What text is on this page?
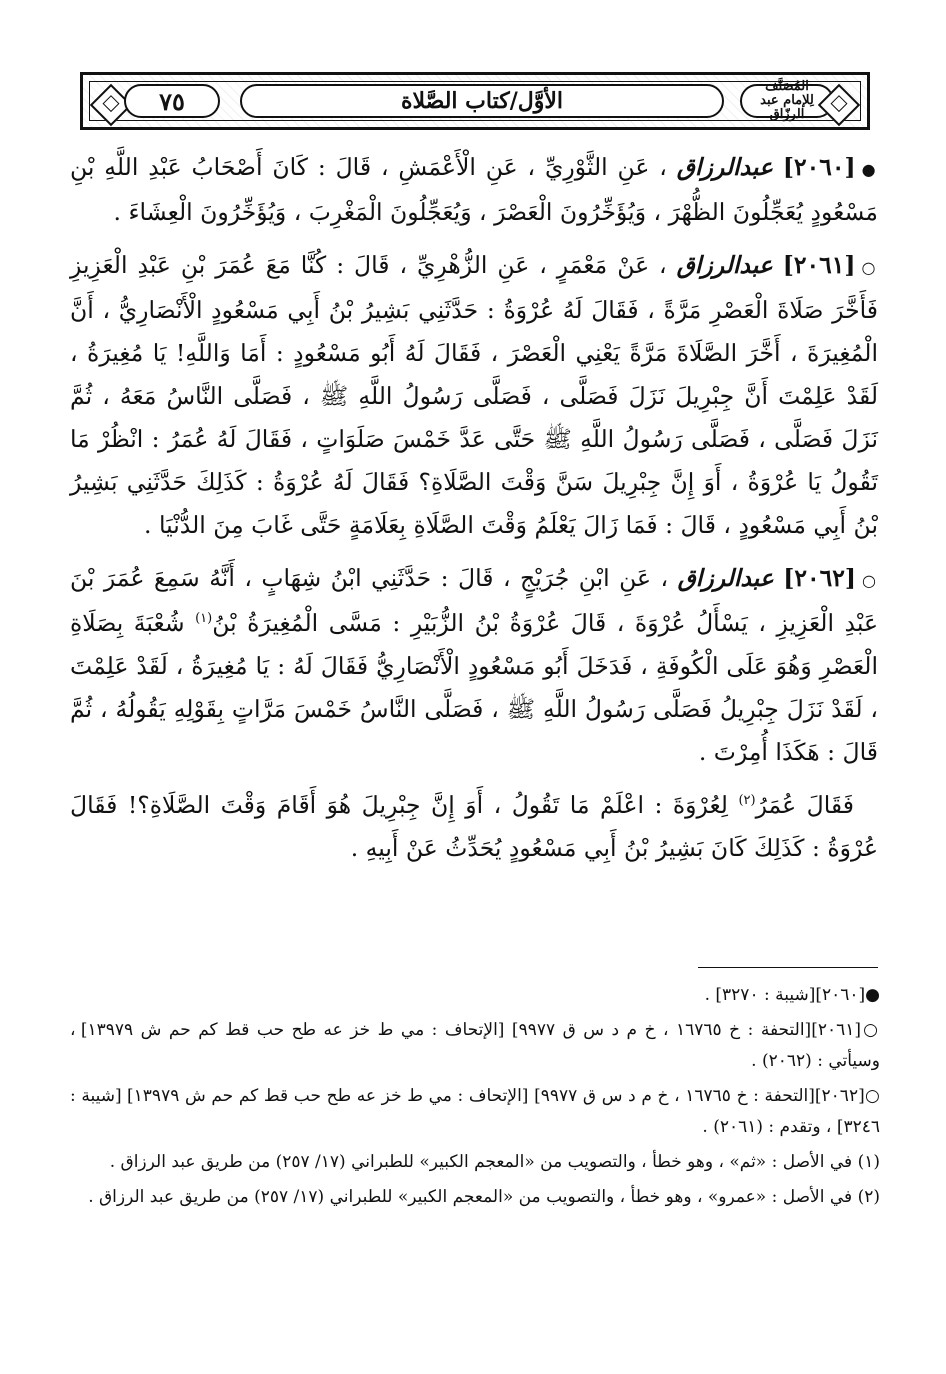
٧٥	الأوَّل/كتاب الصَّلاة
المُصَنَّف
لِلإمام عبد الرزّاق

●[٢٠٦٠] عبدالرزاق ، عَنِ الثَّوْرِيِّ ، عَنِ الْأَعْمَشِ ، قَالَ : كَانَ أَصْحَابُ عَبْدِ اللَّهِ بْنِ مَسْعُودٍ يُعَجِّلُونَ الظُّهْرَ ، وَيُؤَخِّرُونَ الْعَصْرَ ، وَيُعَجِّلُونَ الْمَغْرِبَ ، وَيُؤَخِّرُونَ الْعِشَاءَ .

○[٢٠٦١] عبدالرزاق ، عَنْ مَعْمَرٍ ، عَنِ الزُّهْرِيِّ ، قَالَ : كُنَّا مَعَ عُمَرَ بْنِ عَبْدِ الْعَزِيزِ فَأَخَّرَ صَلَاةَ الْعَصْرِ مَرَّةً ، فَقَالَ لَهُ عُرْوَةُ : حَدَّثَنِي بَشِيرُ بْنُ أَبِي مَسْعُودٍ الْأَنْصَارِيُّ ، أَنَّ الْمُغِيرَةَ ، أَخَّرَ الصَّلَاةَ مَرَّةً يَعْنِي الْعَصْرَ ، فَقَالَ لَهُ أَبُو مَسْعُودٍ : أَمَا وَاللَّهِ! يَا مُغِيرَةُ ، لَقَدْ عَلِمْتَ أَنَّ جِبْرِيلَ نَزَلَ فَصَلَّى ، فَصَلَّى رَسُولُ اللَّهِ ﷺ ، فَصَلَّى النَّاسُ مَعَهُ ، ثُمَّ نَزَلَ فَصَلَّى ، فَصَلَّى رَسُولُ اللَّهِ ﷺ حَتَّى عَدَّ خَمْسَ صَلَوَاتٍ ، فَقَالَ لَهُ عُمَرُ : انْظُرْ مَا تَقُولُ يَا عُرْوَةُ ، أَوَ إِنَّ جِبْرِيلَ سَنَّ وَقْتَ الصَّلَاةِ؟ فَقَالَ لَهُ عُرْوَةُ : كَذَلِكَ حَدَّثَنِي بَشِيرُ بْنُ أَبِي مَسْعُودٍ ، قَالَ : فَمَا زَالَ يَعْلَمُ وَقْتَ الصَّلَاةِ بِعَلَامَةٍ حَتَّى غَابَ مِنَ الدُّنْيَا .

○[٢٠٦٢] عبدالرزاق ، عَنِ ابْنِ جُرَيْجٍ ، قَالَ : حَدَّثَنِي ابْنُ شِهَابٍ ، أَنَّهُ سَمِعَ عُمَرَ بْنَ عَبْدِ الْعَزِيزِ ، يَسْأَلُ عُرْوَةَ ، قَالَ عُرْوَةُ بْنُ الزُّبَيْرِ : مَسَّى الْمُغِيرَةُ بْنُ$^{(١)}$ شُعْبَةَ بِصَلَاةِ الْعَصْرِ وَهُوَ عَلَى الْكُوفَةِ ، فَدَخَلَ أَبُو مَسْعُودٍ الْأَنْصَارِيُّ فَقَالَ لَهُ : يَا مُغِيرَةُ ، لَقَدْ عَلِمْتَ ، لَقَدْ نَزَلَ جِبْرِيلُ فَصَلَّى رَسُولُ اللَّهِ ﷺ ، فَصَلَّى النَّاسُ خَمْسَ مَرَّاتٍ بِقَوْلِهِ يَقُولُهُ ، ثُمَّ قَالَ : هَكَذَا أُمِرْتَ .

فَقَالَ عُمَرُ$^{(٢)}$ لِعُرْوَةَ : اعْلَمْ مَا تَقُولُ ، أَوَ إِنَّ جِبْرِيلَ هُوَ أَقَامَ وَقْتَ الصَّلَاةِ؟! فَقَالَ عُرْوَةُ : كَذَلِكَ كَانَ بَشِيرُ بْنُ أَبِي مَسْعُودٍ يُحَدِّثُ عَنْ أَبِيهِ .

●[٢٠٦٠][شيبة : ٣٢٧٠] .

○[٢٠٦١][التحفة : خ ١٦٧٦٥ ، خ م د س ق ٩٩٧٧] [الإتحاف : مي ط خز عه طح حب قط كم حم ش ١٣٩٧٩] ، وسيأتي : (٢٠٦٢) .

○[٢٠٦٢][التحفة : خ ١٦٧٦٥ ، خ م د س ق ٩٩٧٧] [الإتحاف : مي ط خز عه طح حب قط كم حم ش ١٣٩٧٩] [شيبة : ٣٢٤٦] ، وتقدم : (٢٠٦١) .

(١) في الأصل : «ثم» ، وهو خطأ ، والتصويب من «المعجم الكبير» للطبراني (١٧/ ٢٥٧) من طريق عبد الرزاق .

(٢) في الأصل : «عمرو» ، وهو خطأ ، والتصويب من «المعجم الكبير» للطبراني (١٧/ ٢٥٧) من طريق عبد الرزاق .
